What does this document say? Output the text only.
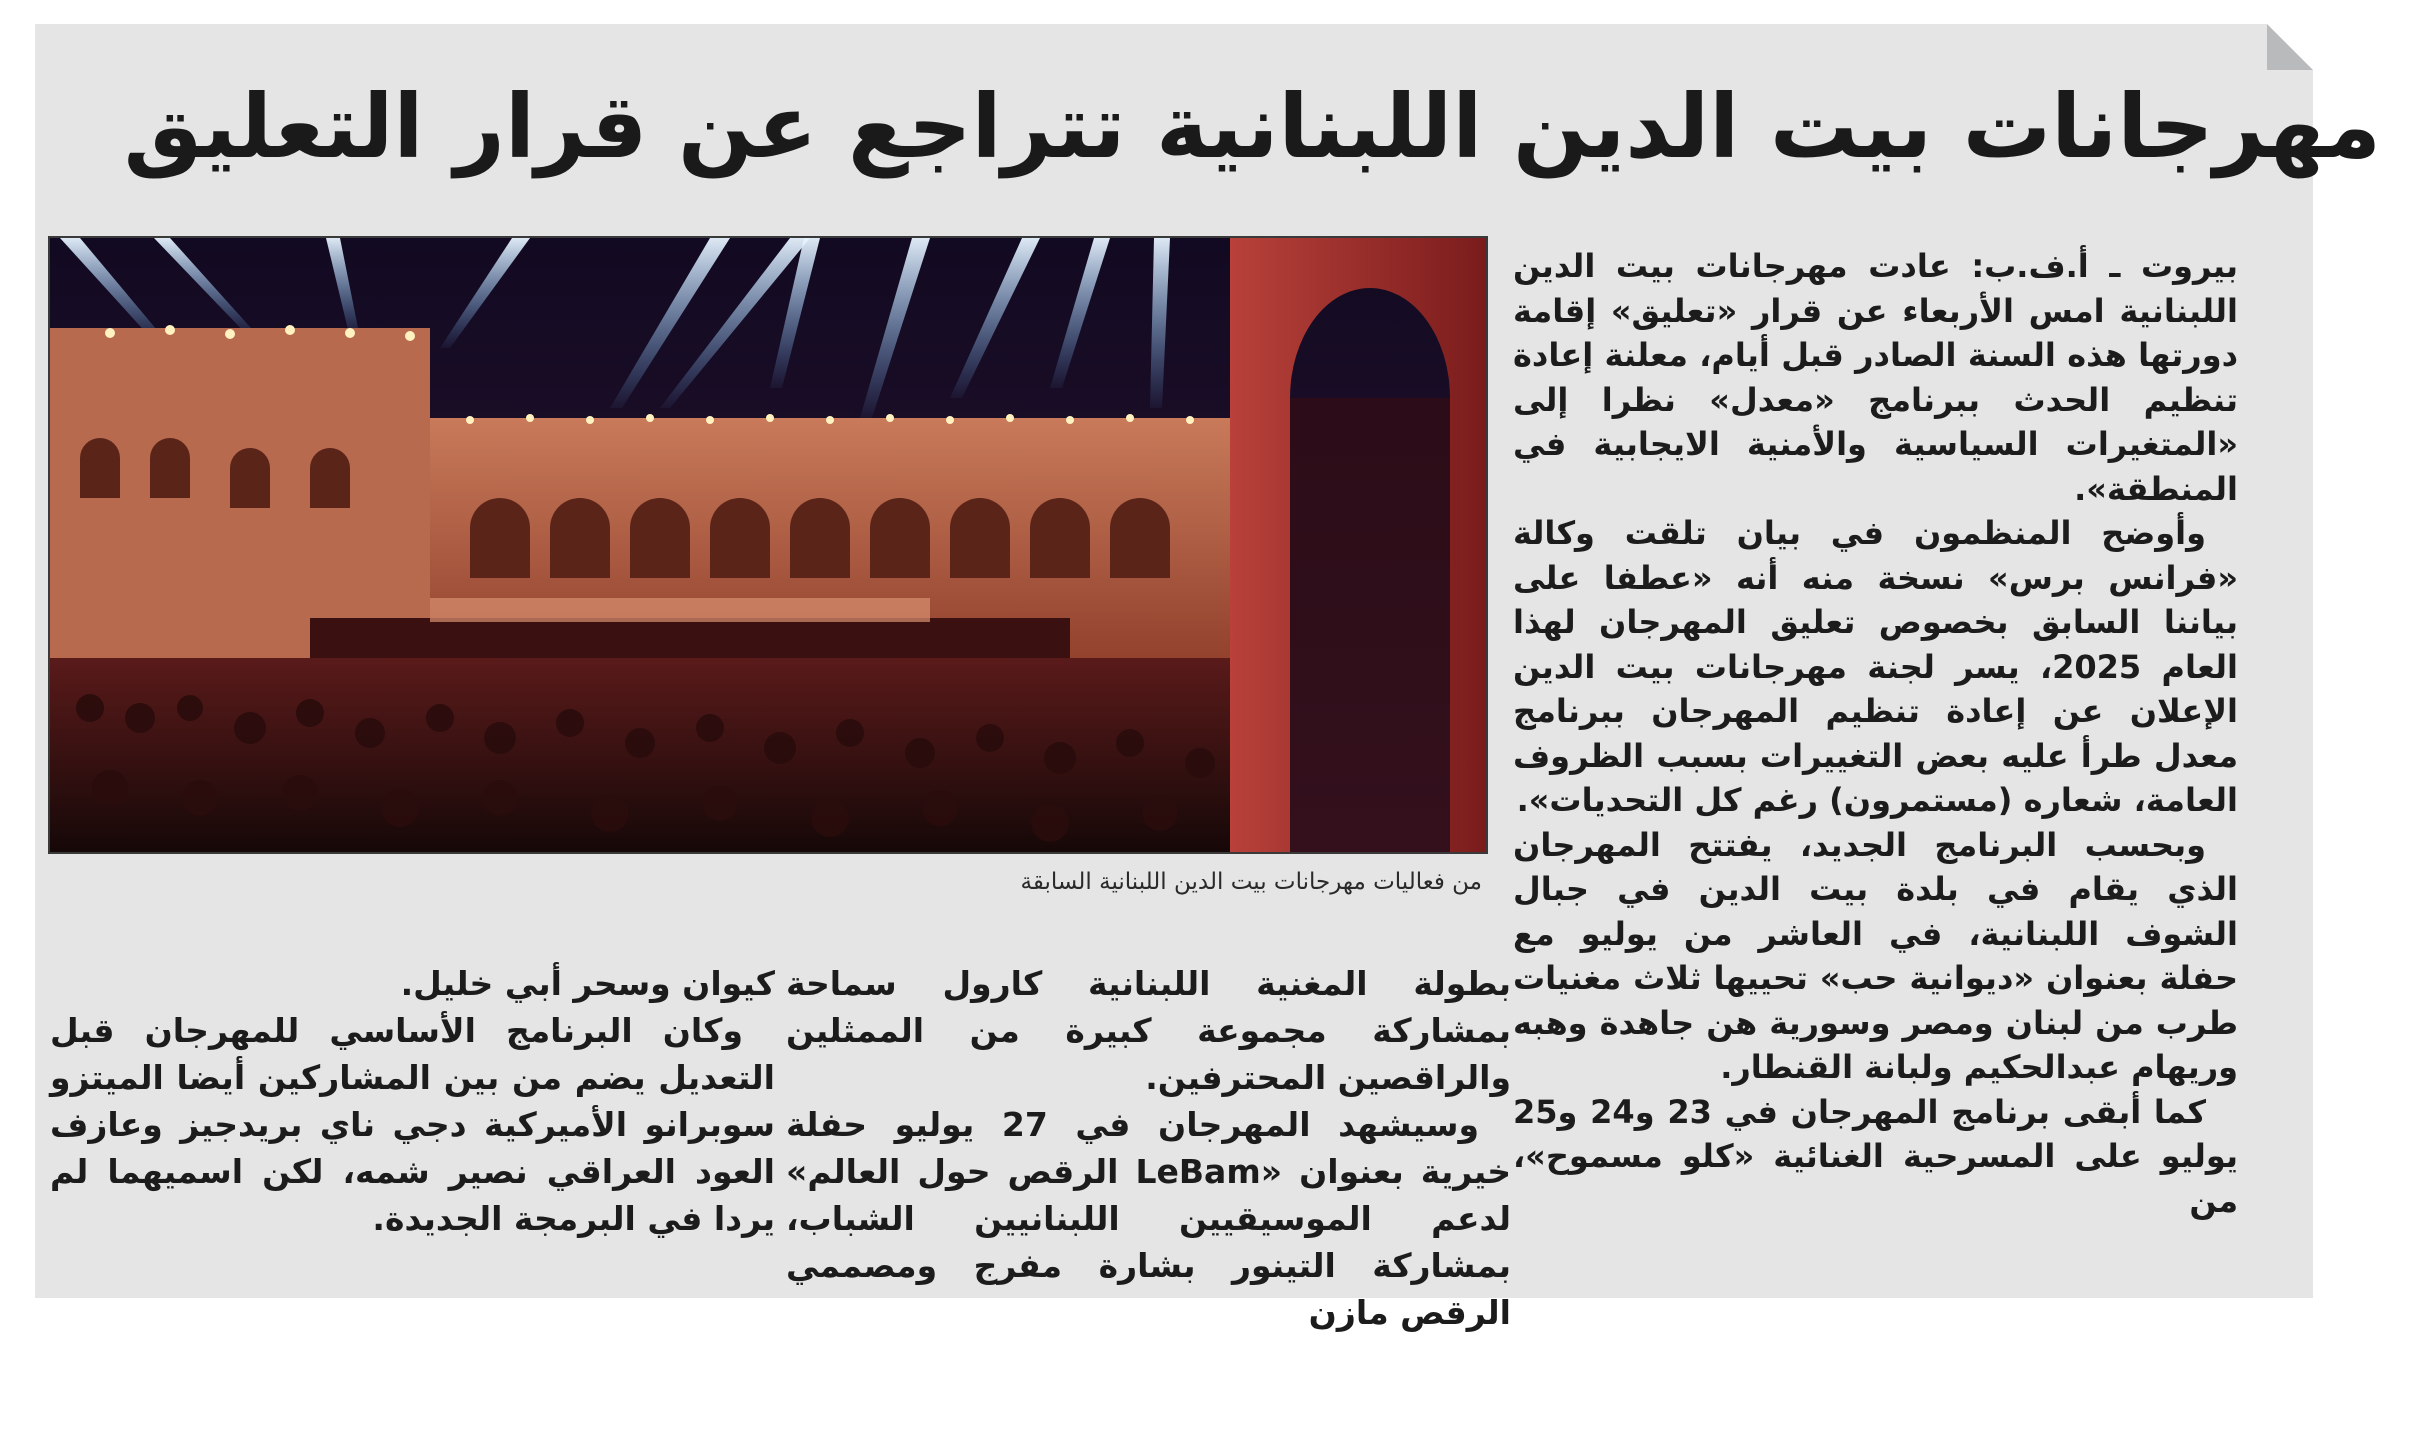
مهرجانات بيت الدين اللبنانية تتراجع عن قرار التعليق
من فعاليات مهرجانات بيت الدين اللبنانية السابقة

بيروت ـ أ.ف.ب: عادت مهرجانات بيت الدين اللبنانية امس الأربعاء عن قرار «تعليق» إقامة دورتها هذه السنة الصادر قبل أيام، معلنة إعادة تنظيم الحدث ببرنامج «معدل» نظرا إلى «المتغيرات السياسية والأمنية الايجابية في المنطقة».

وأوضح المنظمون في بيان تلقت وكالة «فرانس برس» نسخة منه أنه «عطفا على بياننا السابق بخصوص تعليق المهرجان لهذا العام 2025، يسر لجنة مهرجانات بيت الدين الإعلان عن إعادة تنظيم المهرجان ببرنامج معدل طرأ عليه بعض التغييرات بسبب الظروف العامة، شعاره (مستمرون) رغم كل التحديات».

وبحسب البرنامج الجديد، يفتتح المهرجان الذي يقام في بلدة بيت الدين في جبال الشوف اللبنانية، في العاشر من يوليو مع حفلة بعنوان «ديوانية حب» تحييها ثلاث مغنيات طرب من لبنان ومصر وسورية هن جاهدة وهبه وريهام عبدالحكيم ولبانة القنطار.

كما أبقى برنامج المهرجان في 23 و24 و25 يوليو على المسرحية الغنائية «كلو مسموح»، من

بطولة المغنية اللبنانية كارول سماحة بمشاركة مجموعة كبيرة من الممثلين والراقصين المحترفين.

وسيشهد المهرجان في 27 يوليو حفلة خيرية بعنوان «LeBam الرقص حول العالم» لدعم الموسيقيين اللبنانيين الشباب، بمشاركة التينور بشارة مفرج ومصممي الرقص مازن

كيوان وسحر أبي خليل.

وكان البرنامج الأساسي للمهرجان قبل التعديل يضم من بين المشاركين أيضا الميتزو سوبرانو الأميركية دجي ناي بريدجيز وعازف العود العراقي نصير شمه، لكن اسميهما لم يردا في البرمجة الجديدة.
